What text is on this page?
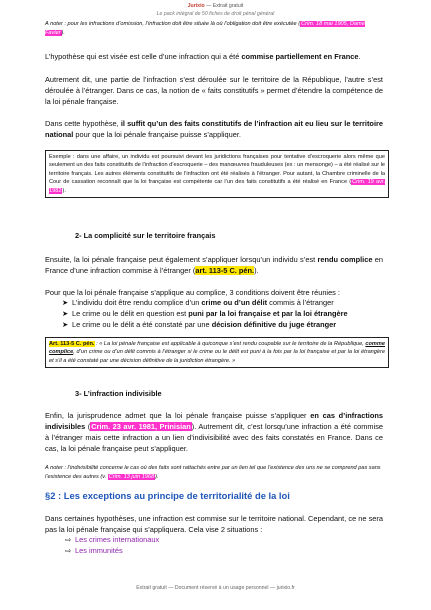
Jurixio — Extrait gratuit
Le pack intégral de 50 fiches de droit pénal général
A noter : pour les infractions d’omission, l’infraction doit être située là où l’obligation doit être exécutée (Crim. 18 mai 1905, Dame Favier).
L’hypothèse qui est visée est celle d’une infraction qui a été commise partiellement en France.
Autrement dit, une partie de l’infraction s’est déroulée sur le territoire de la République, l’autre s’est déroulée à l’étranger. Dans ce cas, la notion de « faits constitutifs » permet d’étendre la compétence de la loi pénale française.
Dans cette hypothèse, il suffit qu’un des faits constitutifs de l’infraction ait eu lieu sur le territoire national pour que la loi pénale française puisse s’appliquer.
Exemple : dans une affaire, un individu est poursuivi devant les juridictions françaises pour tentative d’escroquerie alors même que seulement un des faits constitutifs de l’infraction d’escroquerie – des manœuvres frauduleuses (ex : un mensonge) – a été réalisé sur le territoire français. Les autres éléments constitutifs de l’infraction ont été réalisés à l’étranger. Pour autant, la Chambre criminelle de la Cour de cassation reconnaît que la loi française est compétente car l’un des faits constitutifs a été réalisé en France (Crim. 19 avr. 1982).
2- La complicité sur le territoire français
Ensuite, la loi pénale française peut également s’appliquer lorsqu’un individu s’est rendu complice en France d’une infraction commise à l’étranger (art. 113-5 C. pén.).
Pour que la loi pénale française s’applique au complice, 3 conditions doivent être réunies :
➤ L’individu doit être rendu complice d’un crime ou d’un délit commis à l’étranger
➤ Le crime ou le délit en question est puni par la loi française et par la loi étrangère
➤ Le crime ou le délit a été constaté par une décision définitive du juge étranger
Art. 113-5 C. pén. : « La loi pénale française est applicable à quiconque s’est rendu coupable sur le territoire de la République, comme complice, d’un crime ou d’un délit commis à l’étranger si le crime ou le délit est puni à la fois par la loi française et par la loi étrangère et s’il a été constaté par une décision définitive de la juridiction étrangère. »
3- L’infraction indivisible
Enfin, la jurisprudence admet que la loi pénale française puisse s’appliquer en cas d’infractions indivisibles (Crim. 23 avr. 1981, Prinisian). Autrement dit, c’est lorsqu’une infraction a été commise à l’étranger mais cette infraction a un lien d’indivisibilité avec des faits constatés en France. Dans ce cas, la loi pénale française peut s’appliquer.
A noter : l’indivisibilité concerne le cas où des faits sont rattachés entre par un lien tel que l’existence des uns ne se comprend pas sans l’existence des autres (v. Crim. 13 juin 1968).
§2 : Les exceptions au principe de territorialité de la loi
Dans certaines hypothèses, une infraction est commise sur le territoire national. Cependant, ce ne sera pas la loi pénale française qui s’appliquera. Cela vise 2 situations :
⇨ Les crimes internationaux
⇨ Les immunités
Extrait gratuit — Document réservé à un usage personnel — jurixio.fr
